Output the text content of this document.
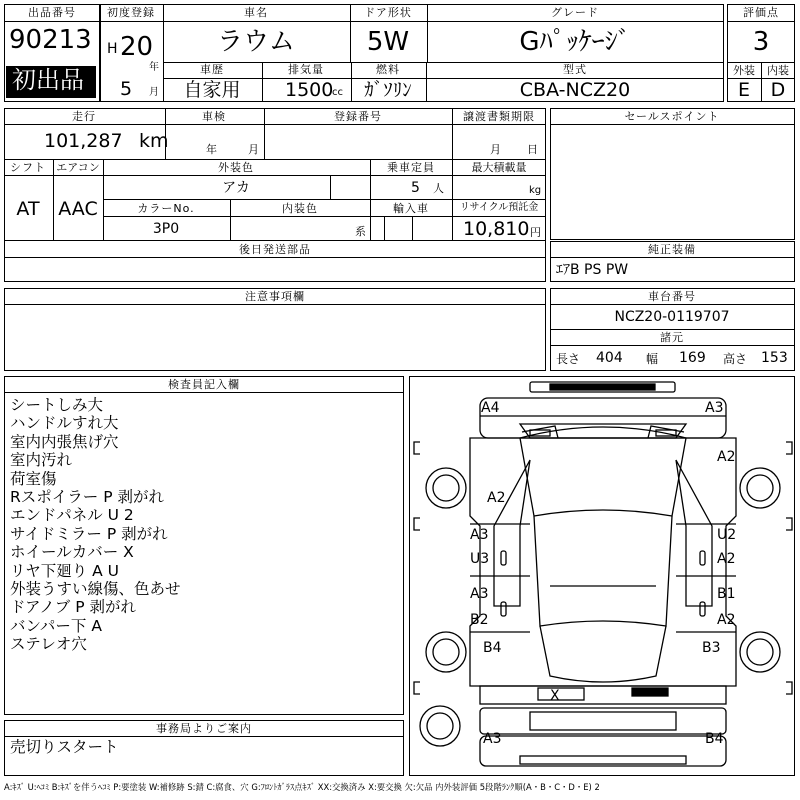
出品番号
90213
初出品
初度登録
H 20
年
5 月
車名
ラウム
ドア形状
5W
グレード
Gﾊﾟｯｹｰｼﾞ
車歴
自家用
排気量
1500
cc
燃料
ｶﾞｿﾘﾝ
型式
CBA-NCZ20
評価点
3
外装 内装
E D
走行
101,287 km
車検
年	月
登録番号	譲渡書類期限
月 日
シフト
AT
エアコン
AAC
外装色
アカ
乗車定員
5 人
最大積載量
kg
カラーNo.
3P0
内装色
系
輸入車	リサイクル預託金
10,810 円
後日発送部品
セールスポイント
純正装備
ｴｱB PS PW
注意事項欄	車台番号
NCZ20-0119707
諸元
長さ 404 幅 169 高さ 153
検査員記入欄
シートしみ大
ハンドルすれ大
室内内張焦げ穴
室内汚れ
荷室傷
Rスポイラー P 剥がれ
エンドパネル U 2
サイドミラー P 剥がれ
ホイールカバー X
リヤ下廻り A U
外装うすい線傷、色あせ
ドアノブ P 剥がれ
バンパー下 A
ステレオ穴
事務局よりご案内
売切りスタート
A4	A3
A2
A2
A3
U3
U2
A2
A3
B2
B1
A2
B4	B3
X
A3	B4
A:ｷｽﾞ U:ﾍｺﾐ B:ｷｽﾞを伴うﾍｺﾐ P:要塗装 W:補修跡 S:錆 C:腐食、穴 G:ﾌﾛﾝﾄｶﾞﾗｽ点ｷｽﾞ XX:交換済み X:要交換 欠:欠品 内外装評価 5段階ﾗﾝｸ順(A・B・C・D・E) 2
